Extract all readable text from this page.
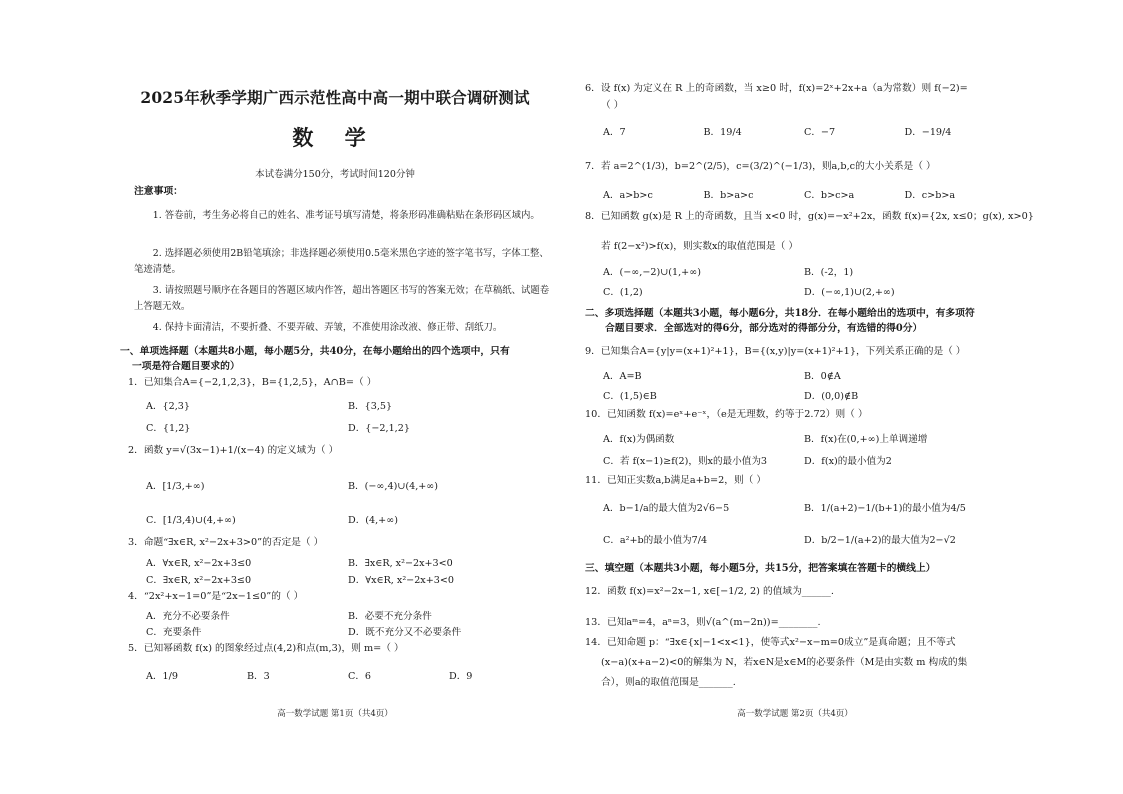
2025年秋季学期广西示范性高中高一期中联合调研测试
数 学
本试卷满分150分，考试时间120分钟
注意事项：
1. 答卷前，考生务必将自己的姓名、准考证号填写清楚，将条形码准确粘贴在条形码区域内。
2. 选择题必须使用2B铅笔填涂；非选择题必须使用0.5毫米黑色字迹的签字笔书写，字体工整、笔迹清楚。
3. 请按照题号顺序在各题目的答题区域内作答，超出答题区书写的答案无效；在草稿纸、试题卷上答题无效。
4. 保持卡面清洁，不要折叠、不要弄破、弄皱，不准使用涂改液、修正带、刮纸刀。
一、单项选择题（本题共8小题，每小题5分，共40分，在每小题给出的四个选项中，只有
一项是符合题目要求的）
1．已知集合A={−2,1,2,3}，B={1,2,5}，A∩B=（ ）
A．{2,3}	B．{3,5}
C．{1,2}	D．{−2,1,2}
2．函数 y=√(3x−1)+1/(x−4) 的定义域为（ ）
A．[1/3,+∞)	B．(−∞,4)∪(4,+∞)
C．[1/3,4)∪(4,+∞)	D．(4,+∞)
3．命题“∃x∈R, x²−2x+3>0”的否定是（ ）
A．∀x∈R, x²−2x+3≤0	B．∃x∈R, x²−2x+3<0
C．∃x∈R, x²−2x+3≤0	D．∀x∈R, x²−2x+3<0
4．“2x²+x−1=0”是“2x−1≤0”的（ ）
A．充分不必要条件	B．必要不充分条件
C．充要条件	D．既不充分又不必要条件
5．已知幂函数 f(x) 的图象经过点(4,2)和点(m,3)，则 m=（ ）
A．1/9	B．3	C．6	D．9
高一数学试题 第1页（共4页）
6．设 f(x) 为定义在 R 上的奇函数，当 x≥0 时，f(x)=2ˣ+2x+a（a为常数）则 f(−2)=
（ ）
A．7	B．19/4	C．−7	D．−19/4
7．若 a=2^(1/3)，b=2^(2/5)，c=(3/2)^(−1/3)，则a,b,c的大小关系是（ ）
A．a>b>c	B．b>a>c	C．b>c>a	D．c>b>a
8．已知函数 g(x)是 R 上的奇函数，且当 x<0 时，g(x)=−x²+2x，函数 f(x)={2x, x≤0；g(x), x>0}
若 f(2−x²)>f(x)，则实数x的取值范围是（ ）
A．(−∞,−2)∪(1,+∞)	B．(-2，1)
C．(1,2)	D．(−∞,1)∪(2,+∞)
二、多项选择题（本题共3小题，每小题6分，共18分．在每小题给出的选项中，有多项符
合题目要求．全部选对的得6分，部分选对的得部分分，有选错的得0分）
9．已知集合A={y|y=(x+1)²+1}，B={(x,y)|y=(x+1)²+1}，下列关系正确的是（ ）
A．A=B	B．0∉A
C．(1,5)∈B	D．(0,0)∉B
10．已知函数 f(x)=eˣ+e⁻ˣ，（e是无理数，约等于2.72）则（ ）
A．f(x)为偶函数	B．f(x)在(0,+∞)上单调递增
C．若 f(x−1)≥f(2)，则x的最小值为3	D．f(x)的最小值为2
11．已知正实数a,b满足a+b=2，则（ ）
A．b−1/a的最大值为2√6−5	B．1/(a+2)−1/(b+1)的最小值为4/5
C．a²+b的最小值为7/4	D．b/2−1/(a+2)的最大值为2−√2
三、填空题（本题共3小题，每小题5分，共15分，把答案填在答题卡的横线上）
12．函数 f(x)=x²−2x−1, x∈[−1/2, 2) 的值域为______.
13．已知aᵐ=4，aⁿ=3，则√(a^(m−2n))=________.
14．已知命题 p：“∃x∈{x|−1<x<1}，使等式x²−x−m=0成立”是真命题；且不等式
(x−a)(x+a−2)<0的解集为 N，若x∈N是x∈M的必要条件（M是由实数 m 构成的集
合），则a的取值范围是_______.
高一数学试题 第2页（共4页）
